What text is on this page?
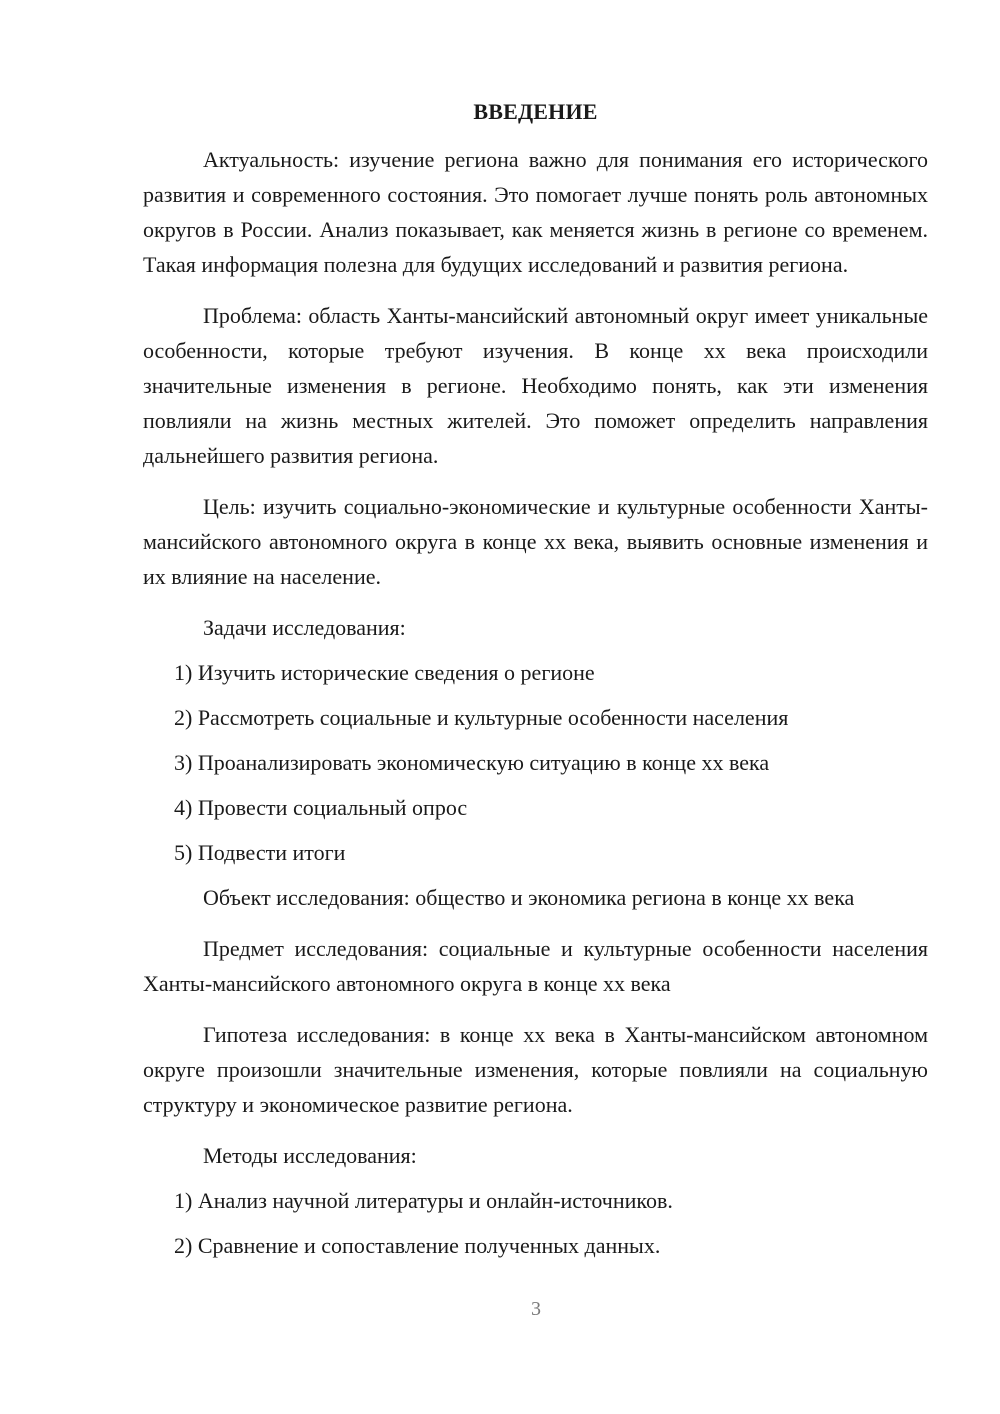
ВВЕДЕНИЕ

Актуальность: изучение региона важно для понимания его исторического развития и современного состояния. Это помогает лучше понять роль автономных округов в России. Анализ показывает, как меняется жизнь в регионе со временем. Такая информация полезна для будущих исследований и развития региона.

Проблема: область Ханты-мансийский автономный округ имеет уникальные особенности, которые требуют изучения. В конце хх века происходили значительные изменения в регионе. Необходимо понять, как эти изменения повлияли на жизнь местных жителей. Это поможет определить направления дальнейшего развития региона.

Цель: изучить социально-экономические и культурные особенности Ханты-мансийского автономного округа в конце хх века, выявить основные изменения и их влияние на население.

Задачи исследования:

1) Изучить исторические сведения о регионе
2) Рассмотреть социальные и культурные особенности населения
3) Проанализировать экономическую ситуацию в конце хх века
4) Провести социальный опрос
5) Подвести итоги

Объект исследования: общество и экономика региона в конце хх века

Предмет исследования: социальные и культурные особенности населения Ханты-мансийского автономного округа в конце хх века

Гипотеза исследования: в конце хх века в Ханты-мансийском автономном округе произошли значительные изменения, которые повлияли на социальную структуру и экономическое развитие региона.

Методы исследования:

1) Анализ научной литературы и онлайн-источников.
2) Сравнение и сопоставление полученных данных.
3
